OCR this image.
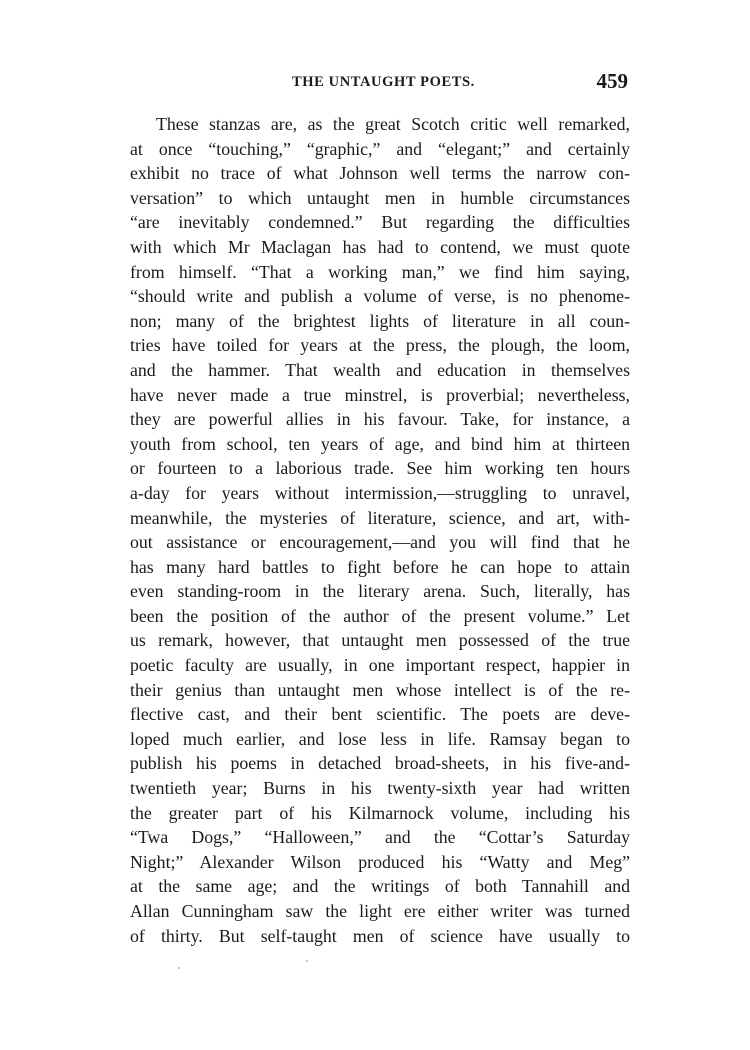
THE UNTAUGHT POETS.	459
These stanzas are, as the great Scotch critic well remarked,
at once “touching,” “graphic,” and “elegant;” and certainly
exhibit no trace of what Johnson well terms the narrow con-
versation” to which untaught men in humble circumstances
“are inevitably condemned.” But regarding the difficulties
with which Mr Maclagan has had to contend, we must quote
from himself. “That a working man,” we find him saying,
“should write and publish a volume of verse, is no phenome-
non; many of the brightest lights of literature in all coun-
tries have toiled for years at the press, the plough, the loom,
and the hammer. That wealth and education in themselves
have never made a true minstrel, is proverbial; nevertheless,
they are powerful allies in his favour. Take, for instance, a
youth from school, ten years of age, and bind him at thirteen
or fourteen to a laborious trade. See him working ten hours
a-day for years without intermission,—struggling to unravel,
meanwhile, the mysteries of literature, science, and art, with-
out assistance or encouragement,—and you will find that he
has many hard battles to fight before he can hope to attain
even standing-room in the literary arena. Such, literally, has
been the position of the author of the present volume.” Let
us remark, however, that untaught men possessed of the true
poetic faculty are usually, in one important respect, happier in
their genius than untaught men whose intellect is of the re-
flective cast, and their bent scientific. The poets are deve-
loped much earlier, and lose less in life. Ramsay began to
publish his poems in detached broad-sheets, in his five-and-
twentieth year; Burns in his twenty-sixth year had written
the greater part of his Kilmarnock volume, including his
“Twa Dogs,” “Halloween,” and the “Cottar’s Saturday
Night;” Alexander Wilson produced his “Watty and Meg”
at the same age; and the writings of both Tannahill and
Allan Cunningham saw the light ere either writer was turned
of thirty. But self-taught men of science have usually to
